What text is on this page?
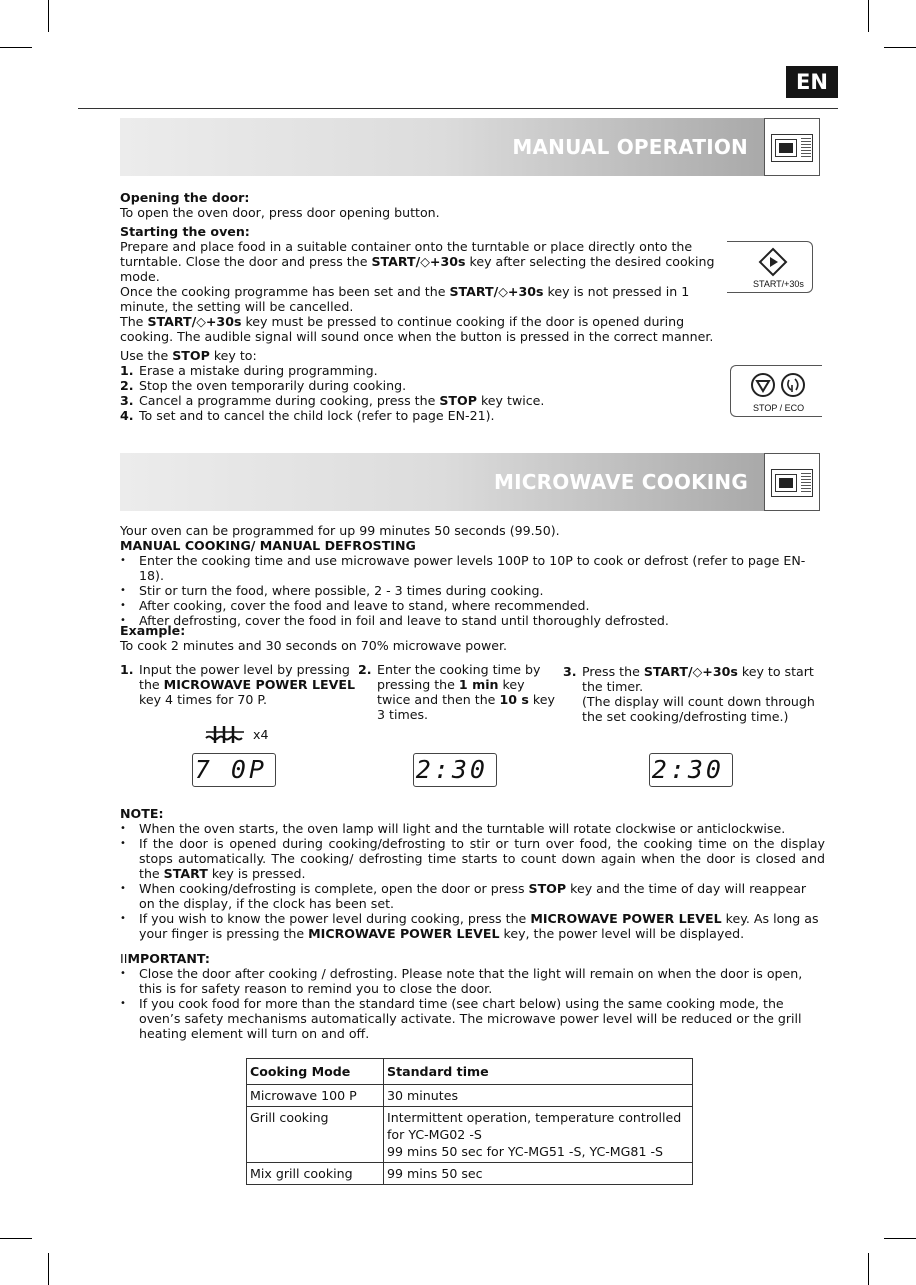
EN
MANUAL OPERATION
Opening the door:
To open the oven door, press door opening button.
Starting the oven:
Prepare and place food in a suitable container onto the turntable or place directly onto the turntable. Close the door and press the START/◇+30s key after selecting the desired cooking mode.
Once the cooking programme has been set and the START/◇+30s key is not pressed in 1 minute, the setting will be cancelled.
The START/◇+30s key must be pressed to continue cooking if the door is opened during cooking. The audible signal will sound once when the button is pressed in the correct manner.
START/+30s
Use the STOP key to:
1. Erase a mistake during programming.
2. Stop the oven temporarily during cooking.
3. Cancel a programme during cooking, press the STOP key twice.
4. To set and to cancel the child lock (refer to page EN-21).	STOP / ECO
MICROWAVE COOKING
Your oven can be programmed for up 99 minutes 50 seconds (99.50).
MANUAL COOKING/ MANUAL DEFROSTING
• Enter the cooking time and use microwave power levels 100P to 10P to cook or defrost (refer to page EN-18).
• Stir or turn the food, where possible, 2 - 3 times during cooking.
• After cooking, cover the food and leave to stand, where recommended.
• After defrosting, cover the food in foil and leave to stand until thoroughly defrosted.
Example:
To cook 2 minutes and 30 seconds on 70% microwave power.
1. Input the power level by pressing the MICROWAVE POWER LEVEL key 4 times for 70 P.
2. Enter the cooking time by pressing the 1 min key twice and then the 10 s key 3 times.
3. Press the START/◇+30s key to start the timer.
(The display will count down through the set cooking/defrosting time.)
x4
7 0P	2:30	2:30
NOTE:
• When the oven starts, the oven lamp will light and the turntable will rotate clockwise or anticlockwise.
• If the door is opened during cooking/defrosting to stir or turn over food, the cooking time on the display stops automatically. The cooking/ defrosting time starts to count down again when the door is closed and the START key is pressed.
• When cooking/defrosting is complete, open the door or press STOP key and the time of day will reappear on the display, if the clock has been set.
• If you wish to know the power level during cooking, press the MICROWAVE POWER LEVEL key. As long as your finger is pressing the MICROWAVE POWER LEVEL key, the power level will be displayed.
IIMPORTANT:
• Close the door after cooking / defrosting. Please note that the light will remain on when the door is open, this is for safety reason to remind you to close the door.
• If you cook food for more than the standard time (see chart below) using the same cooking mode, the oven’s safety mechanisms automatically activate. The microwave power level will be reduced or the grill heating element will turn on and off.
Cooking Mode	Standard time
Microwave 100 P	30 minutes
Grill cooking	Intermittent operation, temperature controlled
for YC-MG02 -S
99 mins 50 sec for YC-MG51 -S, YC-MG81 -S

Mix grill cooking	99 mins 50 sec
